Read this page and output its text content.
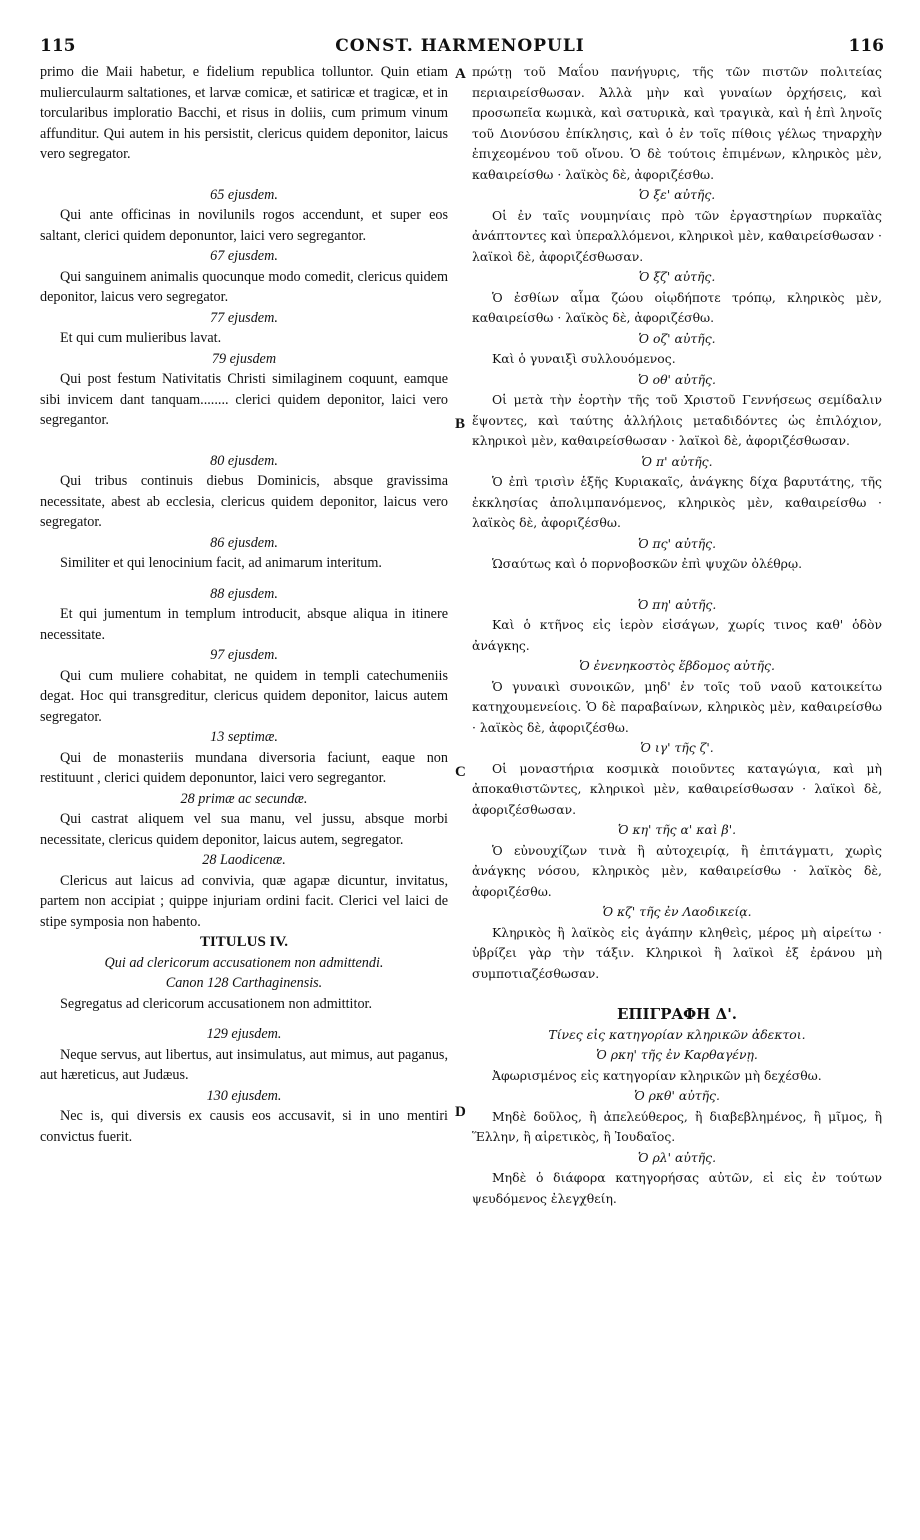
115	CONST. HARMENOPULI	116
A
B
C
D

primo die Maii habetur, e fidelium republica tolluntor. Quin etiam mulierculaurm saltationes, et larvæ comicæ, et satiricæ et tragicæ, et in torcularibus imploratio Bacchi, et risus in doliis, cum primum vinum affunditur. Qui autem in his persistit, clericus quidem deponitor, laicus vero segregator.

65 ejusdem.

Qui ante officinas in novilunils rogos accendunt, et super eos saltant, clerici quidem deponuntor, laici vero segregantor.

67 ejusdem.

Qui sanguinem animalis quocunque modo comedit, clericus quidem deponitor, laicus vero segregator.

77 ejusdem.

Et qui cum mulieribus lavat.

79 ejusdem

Qui post festum Nativitatis Christi similaginem coquunt, eamque sibi invicem dant tanquam........ clerici quidem deponitor, laici vero segregantor.

80 ejusdem.

Qui tribus continuis diebus Dominicis, absque gravissima necessitate, abest ab ecclesia, clericus quidem deponitor, laicus vero segregator.

86 ejusdem.

Similiter et qui lenocinium facit, ad animarum interitum.

88 ejusdem.

Et qui jumentum in templum introducit, absque aliqua in itinere necessitate.

97 ejusdem.

Qui cum muliere cohabitat, ne quidem in templi catechumeniis degat. Hoc qui transgreditur, clericus quidem deponitor, laicus autem segregator.

13 septimæ.

Qui de monasteriis mundana diversoria faciunt, eaque non restituunt , clerici quidem deponuntor, laici vero segregantor.

28 primæ ac secundæ.

Qui castrat aliquem vel sua manu, vel jussu, absque morbi necessitate, clericus quidem deponitor, laicus autem, segregator.

28 Laodicenæ.

Clericus aut laicus ad convivia, quæ agapæ dicuntur, invitatus, partem non accipiat ; quippe injuriam ordini facit. Clerici vel laici de stipe symposia non habento.

TITULUS IV.

Qui ad clericorum accusationem non admittendi.

Canon 128 Carthaginensis.

Segregatus ad clericorum accusationem non admittitor.

129 ejusdem.

Neque servus, aut libertus, aut insimulatus, aut mimus, aut paganus, aut hæreticus, aut Judæus.

130 ejusdem.

Nec is, qui diversis ex causis eos accusavit, si in uno mentiri convictus fuerit.

πρώτῃ τοῦ Μαΐου πανήγυρις, τῆς τῶν πιστῶν πολιτείας περιαιρείσθωσαν. Ἀλλὰ μὴν καὶ γυναίων ὀρχήσεις, καὶ προσωπεῖα κωμικὰ, καὶ σατυρικὰ, καὶ τραγικὰ, καὶ ἡ ἐπὶ ληνοῖς τοῦ Διονύσου ἐπίκλησις, καὶ ὁ ἐν τοῖς πίθοις γέλως τηναρχὴν ἐπιχεομένου τοῦ οἴνου. Ὁ δὲ τούτοις ἐπιμένων, κληρικὸς μὲν, καθαιρείσθω · λαϊκὸς δὲ, ἀφοριζέσθω.

Ὁ ξε' αὐτῆς.

Οἱ ἐν ταῖς νουμηνίαις πρὸ τῶν ἐργαστηρίων πυρκαϊὰς ἀνάπτοντες καὶ ὑπεραλλόμενοι, κληρικοὶ μὲν, καθαιρείσθωσαν · λαϊκοὶ δὲ, ἀφοριζέσθωσαν.

Ὁ ξζ' αὐτῆς.

Ὁ ἐσθίων αἷμα ζώου οἱῳδήποτε τρόπῳ, κληρικὸς μὲν, καθαιρείσθω · λαϊκὸς δὲ, ἀφοριζέσθω.

Ὁ οζ' αὐτῆς.

Καὶ ὁ γυναιξὶ συλλουόμενος.

Ὁ οθ' αὐτῆς.

Οἱ μετὰ τὴν ἑορτὴν τῆς τοῦ Χριστοῦ Γεννήσεως σεμίδαλιν ἕψοντες, καὶ ταύτης ἀλλήλοις μεταδιδόντες ὡς ἐπιλόχιον, κληρικοὶ μὲν, καθαιρείσθωσαν · λαϊκοὶ δὲ, ἀφοριζέσθωσαν.

Ὁ π' αὐτῆς.

Ὁ ἐπὶ τρισὶν ἑξῆς Κυριακαῖς, ἀνάγκης δίχα βαρυτάτης, τῆς ἐκκλησίας ἀπολιμπανόμενος, κληρικὸς μὲν, καθαιρείσθω · λαϊκὸς δὲ, ἀφοριζέσθω.

Ὁ πς' αὐτῆς.

Ὡσαύτως καὶ ὁ πορνοβοσκῶν ἐπὶ ψυχῶν ὀλέθρῳ.

Ὁ πη' αὐτῆς.

Καὶ ὁ κτῆνος εἰς ἱερὸν εἰσάγων, χωρίς τινος καθ' ὁδὸν ἀνάγκης.

Ὁ ἐνενηκοστὸς ἕβδομος αὐτῆς.

Ὁ γυναικὶ συνοικῶν, μηδ' ἐν τοῖς τοῦ ναοῦ κατοικείτω κατηχουμενείοις. Ὁ δὲ παραβαίνων, κληρικὸς μὲν, καθαιρείσθω · λαϊκὸς δὲ, ἀφοριζέσθω.

Ὁ ιγ' τῆς ζ'.

Οἱ μοναστήρια κοσμικὰ ποιοῦντες καταγώγια, καὶ μὴ ἀποκαθιστῶντες, κληρικοὶ μὲν, καθαιρείσθωσαν · λαϊκοὶ δὲ, ἀφοριζέσθωσαν.

Ὁ κη' τῆς α' καὶ β'.

Ὁ εὐνουχίζων τινὰ ἢ αὐτοχειρίᾳ, ἢ ἐπιτάγματι, χωρὶς ἀνάγκης νόσου, κληρικὸς μὲν, καθαιρείσθω · λαϊκὸς δὲ, ἀφοριζέσθω.

Ὁ κζ' τῆς ἐν Λαοδικείᾳ.

Κληρικὸς ἢ λαϊκὸς εἰς ἀγάπην κληθεὶς, μέρος μὴ αἱρείτω · ὑβρίζει γὰρ τὴν τάξιν. Κληρικοὶ ἢ λαϊκοὶ ἐξ ἐράνου μὴ συμποτιαζέσθωσαν.

ΕΠΙΓΡΑΦΗ Δ'.

Τίνες εἰς κατηγορίαν κληρικῶν ἀδεκτοι.

Ὁ ρκη' τῆς ἐν Καρθαγένῃ.

Ἀφωρισμένος εἰς κατηγορίαν κληρικῶν μὴ δεχέσθω.

Ὁ ρκθ' αὐτῆς.

Μηδὲ δοῦλος, ἢ ἀπελεύθερος, ἢ διαβεβλημένος, ἢ μῖμος, ἢ Ἕλλην, ἢ αἱρετικὸς, ἢ Ἰουδαῖος.

Ὁ ρλ' αὐτῆς.

Μηδὲ ὁ διάφορα κατηγορήσας αὐτῶν, εἰ εἰς ἐν τούτων ψευδόμενος ἐλεγχθείη.
